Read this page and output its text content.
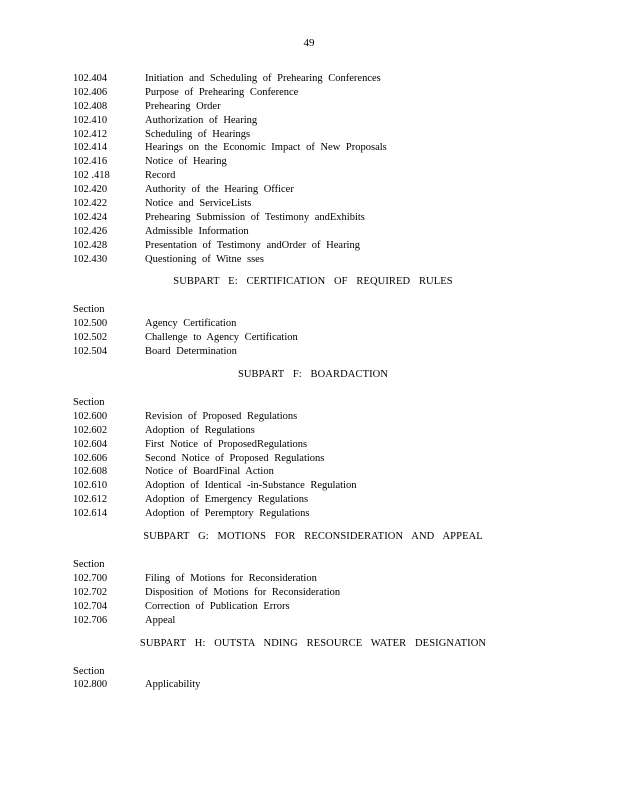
49
102.404	Initiation and Scheduling of Prehearing Conferences
102.406	Purpose of Prehearing Conference
102.408	Prehearing Order
102.410	Authorization of Hearing
102.412	Scheduling of Hearings
102.414	Hearings on the Economic Impact of New Proposals
102.416	Notice of Hearing
102 .418	Record
102.420	Authority of the Hearing Officer
102.422	Notice and ServiceLists
102.424	Prehearing Submission of Testimony andExhibits
102.426	Admissible Information
102.428	Presentation of Testimony andOrder of Hearing
102.430	Questioning of Witne sses
SUBPART E: CERTIFICATION OF REQUIRED RULES
Section
102.500	Agency Certification
102.502	Challenge to Agency Certification
102.504	Board Determination
SUBPART F: BOARDACTION
Section
102.600	Revision of Proposed Regulations
102.602	Adoption of Regulations
102.604	First Notice of ProposedRegulations
102.606	Second Notice of Proposed Regulations
102.608	Notice of BoardFinal Action
102.610	Adoption of Identical -in-Substance Regulation
102.612	Adoption of Emergency Regulations
102.614	Adoption of Peremptory Regulations
SUBPART G: MOTIONS FOR RECONSIDERATION AND APPEAL
Section
102.700	Filing of Motions for Reconsideration
102.702	Disposition of Motions for Reconsideration
102.704	Correction of Publication Errors
102.706	Appeal
SUBPART H: OUTSTA NDING RESOURCE WATER DESIGNATION
Section
102.800	Applicability
